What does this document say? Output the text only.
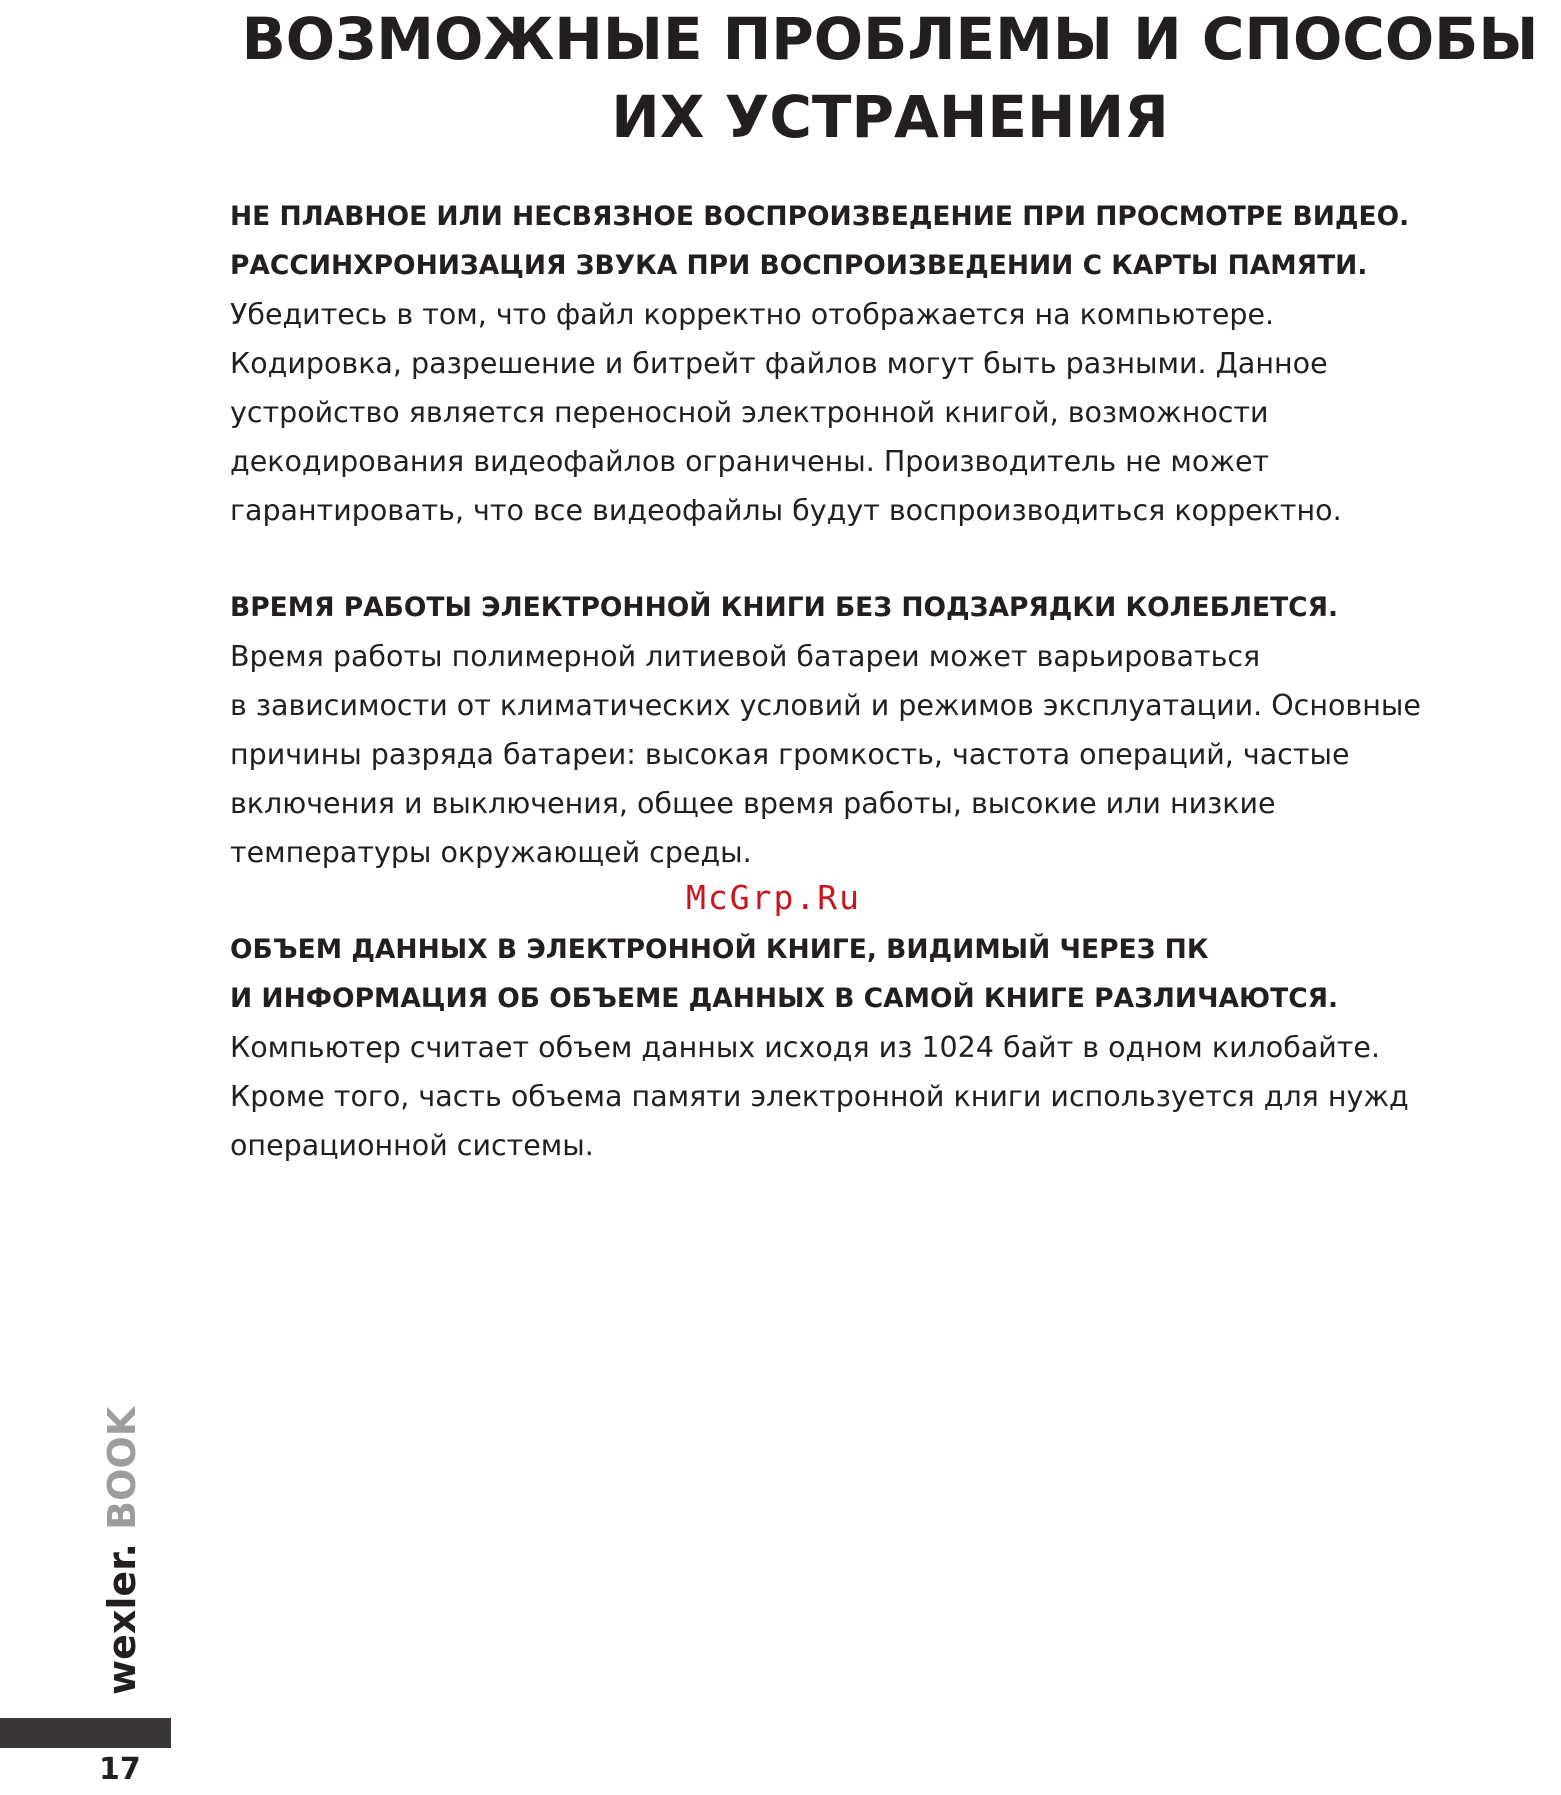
ВОЗМОЖНЫЕ ПРОБЛЕМЫ И СПОСОБЫ
ИХ УСТРАНЕНИЯ
НЕ ПЛАВНОЕ ИЛИ НЕСВЯЗНОЕ ВОСПРОИЗВЕДЕНИЕ ПРИ ПРОСМОТРЕ ВИДЕО.
РАССИНХРОНИЗАЦИЯ ЗВУКА ПРИ ВОСПРОИЗВЕДЕНИИ С КАРТЫ ПАМЯТИ.
Убедитесь в том, что файл корректно отображается на компьютере.
Кодировка, разрешение и битрейт файлов могут быть разными. Данное
устройство является переносной электронной книгой, возможности
декодирования видеофайлов ограничены. Производитель не может
гарантировать, что все видеофайлы будут воспроизводиться корректно.
ВРЕМЯ РАБОТЫ ЭЛЕКТРОННОЙ КНИГИ БЕЗ ПОДЗАРЯДКИ КОЛЕБЛЕТСЯ.
Время работы полимерной литиевой батареи может варьироваться
в зависимости от климатических условий и режимов эксплуатации. Основные
причины разряда батареи: высокая громкость, частота операций, частые
включения и выключения, общее время работы, высокие или низкие
температуры окружающей среды.
ОБЪЕМ ДАННЫХ В ЭЛЕКТРОННОЙ КНИГЕ, ВИДИМЫЙ ЧЕРЕЗ ПК
И ИНФОРМАЦИЯ ОБ ОБЪЕМЕ ДАННЫХ В САМОЙ КНИГЕ РАЗЛИЧАЮТСЯ.
Компьютер считает объем данных исходя из 1024 байт в одном килобайте.
Кроме того, часть объема памяти электронной книги используется для нужд
операционной системы.
McGrp.Ru
wexler. BOOK
17
